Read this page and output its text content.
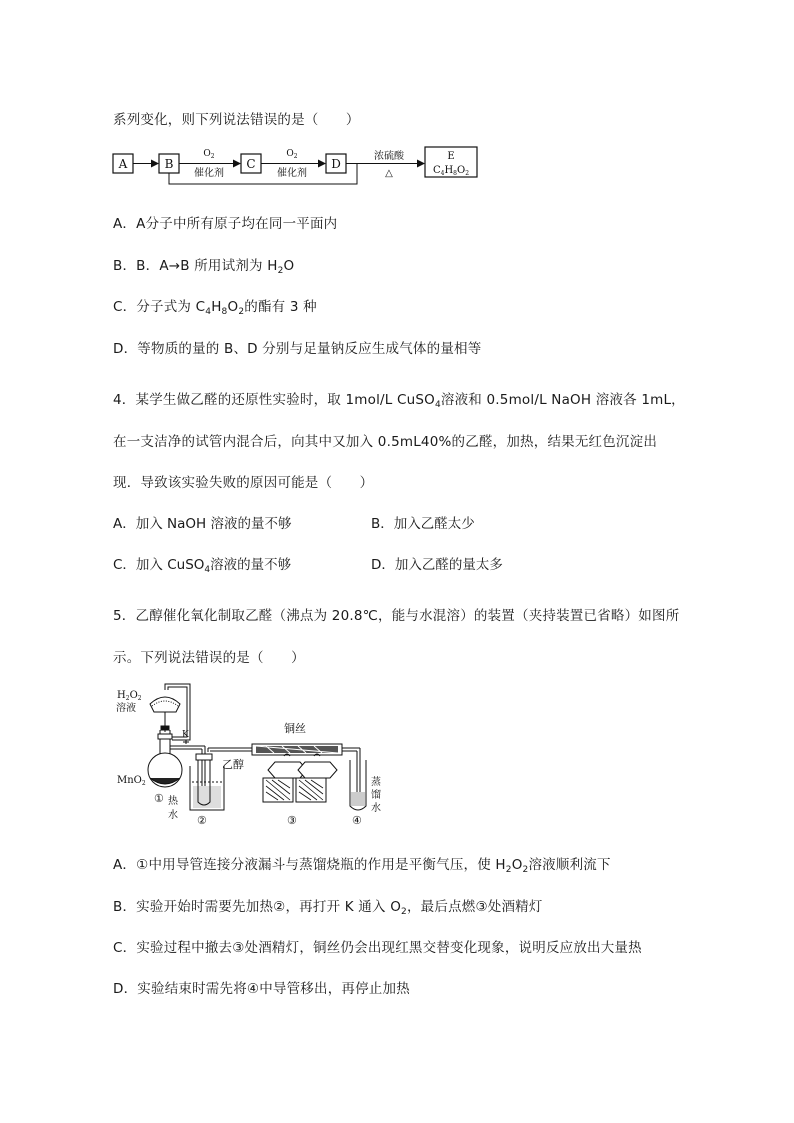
系列变化，则下列说法错误的是（　　）
A	B
$O_2$
催化剂
C
$O_2$
催化剂
D
浓硫酸
△
E
$C_4H_8O_2$
A．A分子中所有原子均在同一平面内
B．B．A→B 所用试剂为 $H_2O$
C．分子式为 $C_4H_8O_2$的酯有 3 种
D．等物质的量的 B、D 分别与足量钠反应生成气体的量相等
4．某学生做乙醛的还原性实验时，取 1mol/L CuSO$_4$溶液和 0.5mol/L NaOH 溶液各 1mL，
在一支洁净的试管内混合后，向其中又加入 0.5mL40%的乙醛，加热，结果无红色沉淀出
现．导致该实验失败的原因可能是（　　）
A．加入 NaOH 溶液的量不够	B．加入乙醛太少
C．加入 CuSO$_4$溶液的量不够	D．加入乙醛的量太多
5．乙醇催化氧化制取乙醛（沸点为 20.8℃，能与水混溶）的装置（夹持装置已省略）如图所
示。下列说法错误的是（　　）
$H_2O_2$
溶液
K
MnO$_2$
乙醇
铜丝
热
水
蒸
馏
水
①
②	③	④
A．①中用导管连接分液漏斗与蒸馏烧瓶的作用是平衡气压，使 $H_2O_2$溶液顺利流下
B．实验开始时需要先加热②，再打开 K 通入 $O_2$，最后点燃③处酒精灯
C．实验过程中撤去③处酒精灯，铜丝仍会出现红黑交替变化现象，说明反应放出大量热
D．实验结束时需先将④中导管移出，再停止加热
